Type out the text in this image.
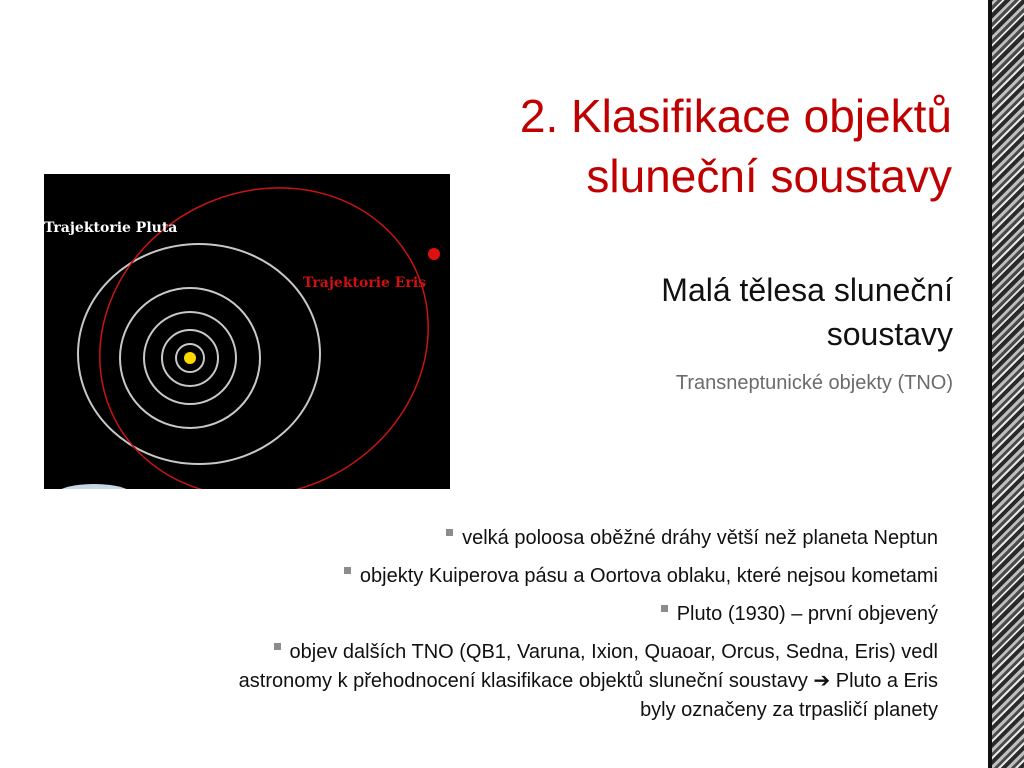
2. Klasifikace objektů
sluneční soustavy
Malá tělesa sluneční
soustavy
Transneptunické objekty (TNO)
Trajektorie Pluta
Trajektorie Eris
velká poloosa oběžné dráhy větší než planeta Neptun
objekty Kuiperova pásu a Oortova oblaku, které nejsou kometami
Pluto (1930) – první objevený
objev dalších TNO (QB1, Varuna, Ixion, Quaoar, Orcus, Sedna, Eris) vedl
astronomy k přehodnocení klasifikace objektů sluneční soustavy ➔ Pluto a Eris
byly označeny za trpasličí planety
